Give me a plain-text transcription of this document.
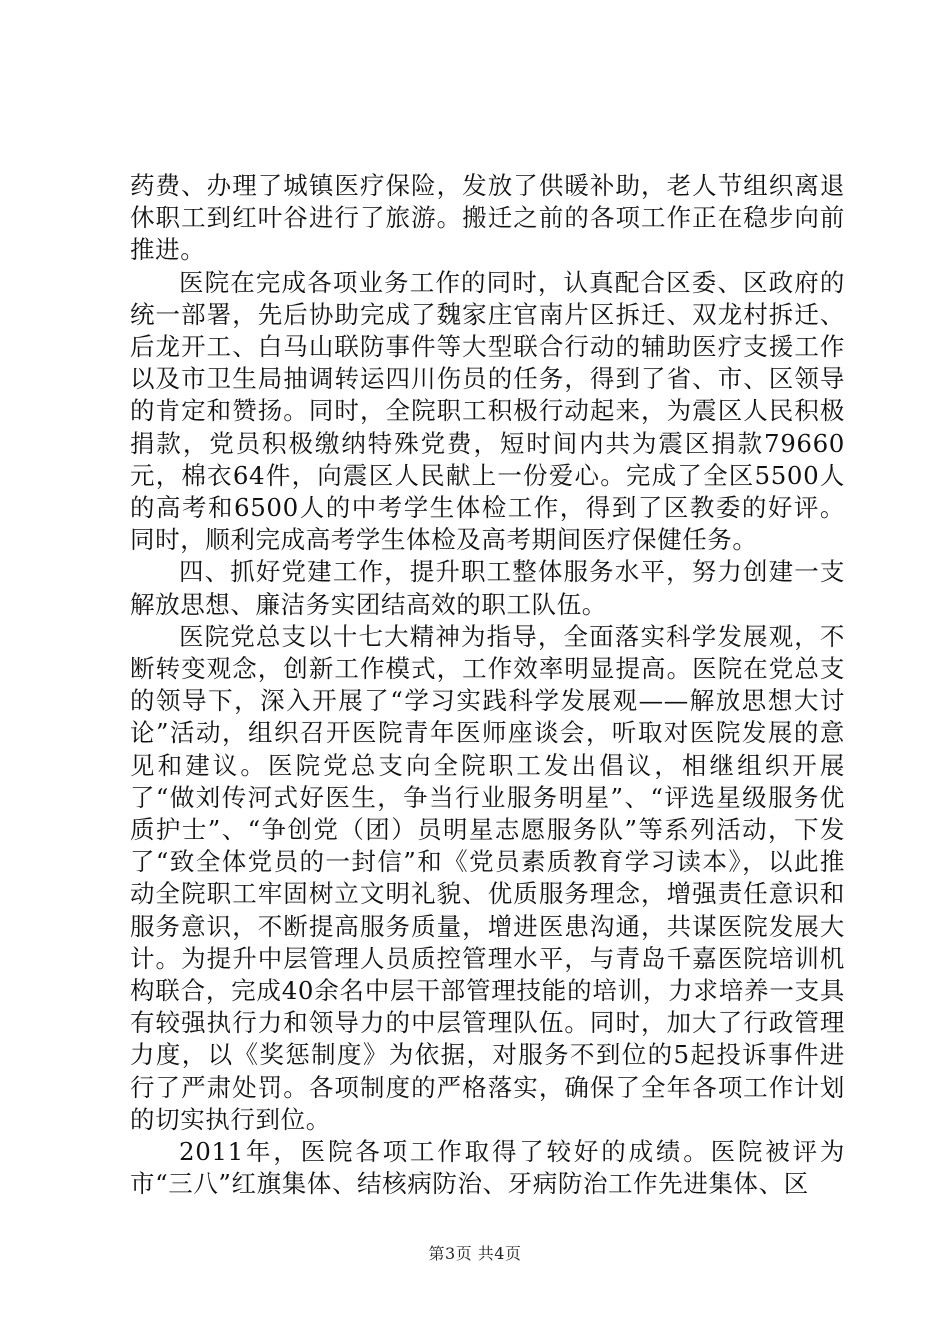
药费、办理了城镇医疗保险，发放了供暖补助，老人节组织离退休职工到红叶谷进行了旅游。搬迁之前的各项工作正在稳步向前推进。

医院在完成各项业务工作的同时，认真配合区委、区政府的统一部署，先后协助完成了魏家庄官南片区拆迁、双龙村拆迁、后龙开工、白马山联防事件等大型联合行动的辅助医疗支援工作以及市卫生局抽调转运四川伤员的任务，得到了省、市、区领导的肯定和赞扬。同时，全院职工积极行动起来，为震区人民积极捐款，党员积极缴纳特殊党费，短时间内共为震区捐款79660元，棉衣64件，向震区人民献上一份爱心。完成了全区5500人的高考和6500人的中考学生体检工作，得到了区教委的好评。同时，顺利完成高考学生体检及高考期间医疗保健任务。

四、抓好党建工作，提升职工整体服务水平，努力创建一支解放思想、廉洁务实团结高效的职工队伍。

医院党总支以十七大精神为指导，全面落实科学发展观，不断转变观念，创新工作模式，工作效率明显提高。医院在党总支的领导下，深入开展了“学习实践科学发展观——解放思想大讨论”活动，组织召开医院青年医师座谈会，听取对医院发展的意见和建议。医院党总支向全院职工发出倡议，相继组织开展了“做刘传河式好医生，争当行业服务明星”、“评选星级服务优质护士”、“争创党（团）员明星志愿服务队”等系列活动，下发了“致全体党员的一封信”和《党员素质教育学习读本》，以此推动全院职工牢固树立文明礼貌、优质服务理念，增强责任意识和服务意识，不断提高服务质量，增进医患沟通，共谋医院发展大计。为提升中层管理人员质控管理水平，与青岛千嘉医院培训机构联合，完成40余名中层干部管理技能的培训，力求培养一支具有较强执行力和领导力的中层管理队伍。同时，加大了行政管理力度，以《奖惩制度》为依据，对服务不到位的5起投诉事件进行了严肃处罚。各项制度的严格落实，确保了全年各项工作计划的切实执行到位。

2011年，医院各项工作取得了较好的成绩。医院被评为市“三八”红旗集体、结核病防治、牙病防治工作先进集体、区

第3页 共4页
